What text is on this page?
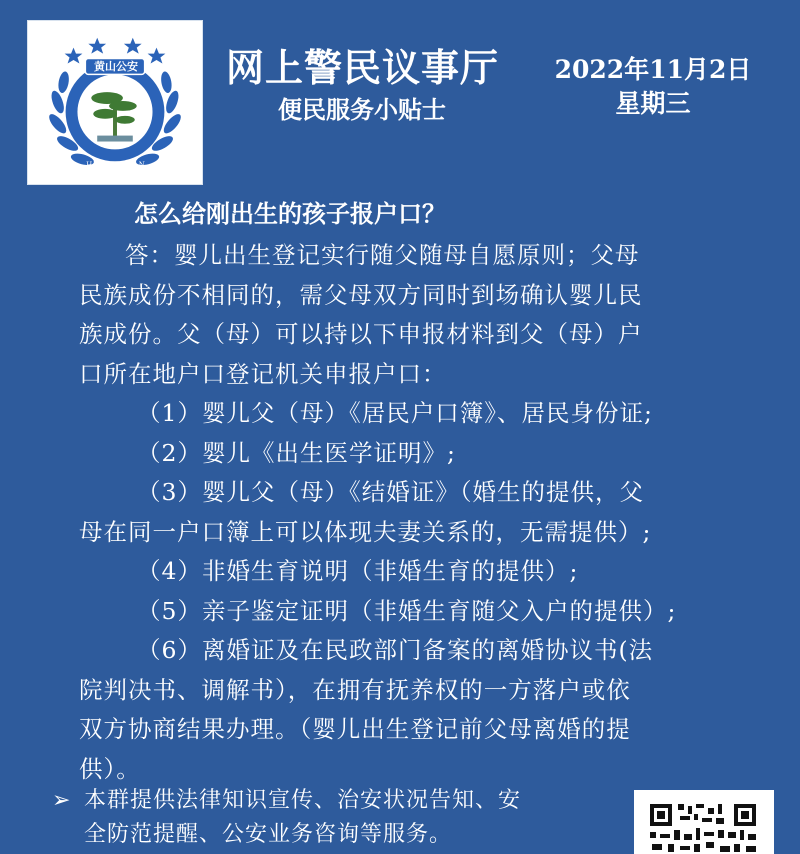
黄山公安
HUANGSHAN POLICE
网上警民议事厅
便民服务小贴士
2022年11月2日
星期三
怎么给刚出生的孩子报户口？

答：婴儿出生登记实行随父随母自愿原则；父母

民族成份不相同的，需父母双方同时到场确认婴儿民

族成份。父（母）可以持以下申报材料到父（母）户

口所在地户口登记机关申报户口：

（1）婴儿父（母）《居民户口簿》、居民身份证;

（2）婴儿《出生医学证明》;

（3）婴儿父（母）《结婚证》（婚生的提供，父

母在同一户口簿上可以体现夫妻关系的，无需提供）;

（4）非婚生育说明（非婚生育的提供）;

（5）亲子鉴定证明（非婚生育随父入户的提供）;

（6）离婚证及在民政部门备案的离婚协议书(法

院判决书、调解书），在拥有抚养权的一方落户或依

双方协商结果办理。（婴儿出生登记前父母离婚的提

供）。

➢ 本群提供法律知识宣传、治安状况告知、安
全防范提醒、公安业务咨询等服务。
